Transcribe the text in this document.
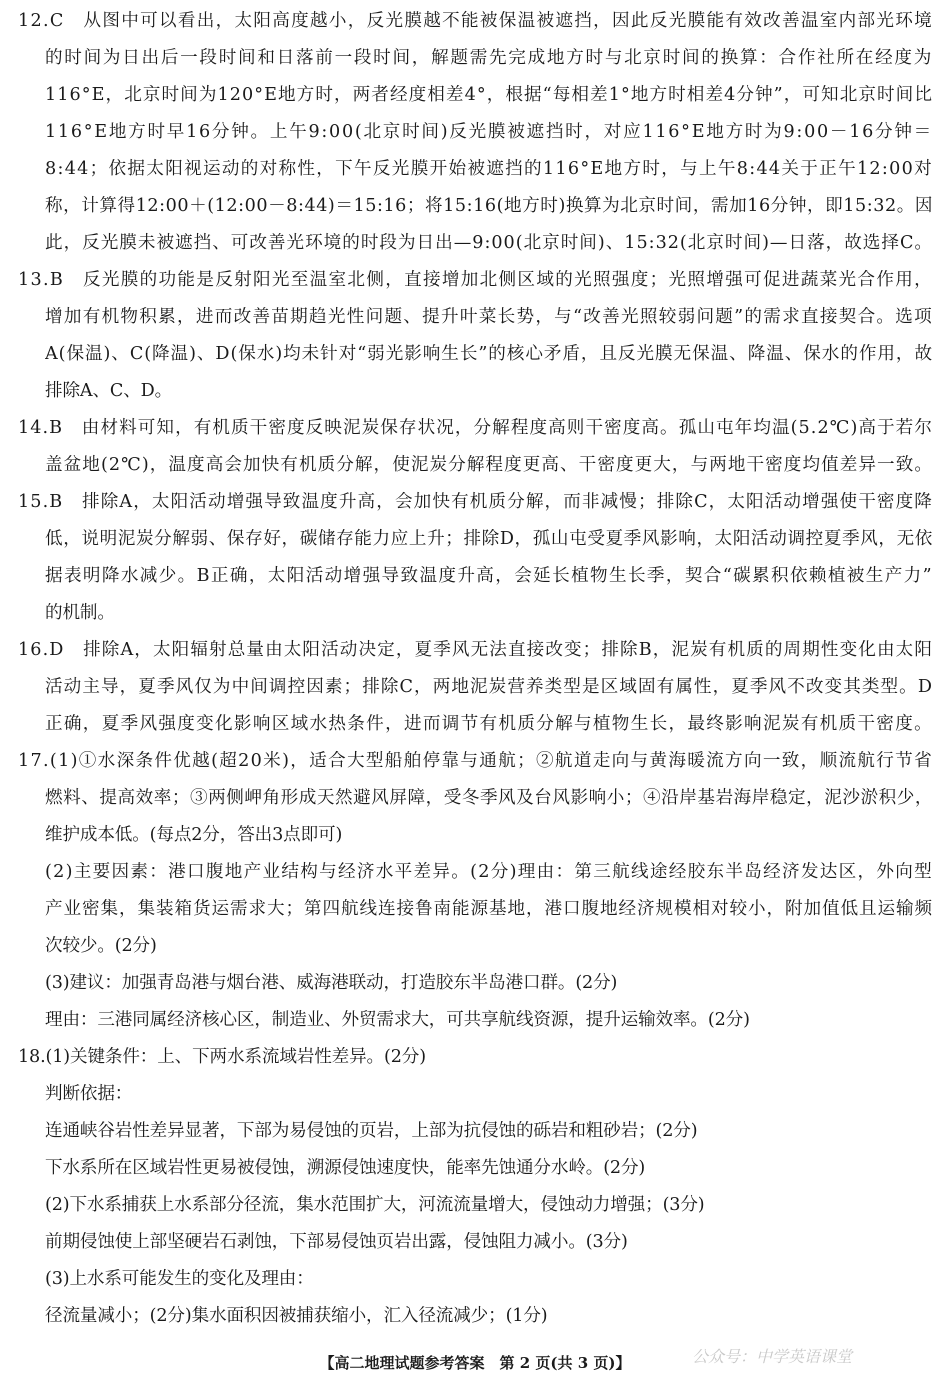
12.C　从图中可以看出，太阳高度越小，反光膜越不能被保温被遮挡，因此反光膜能有效改善温室内部光环境
的时间为日出后一段时间和日落前一段时间，解题需先完成地方时与北京时间的换算：合作社所在经度为
116°E，北京时间为120°E地方时，两者经度相差4°，根据“每相差1°地方时相差4分钟”，可知北京时间比
116°E地方时早16分钟。上午9:00(北京时间)反光膜被遮挡时，对应116°E地方时为9:00－16分钟＝
8:44；依据太阳视运动的对称性，下午反光膜开始被遮挡的116°E地方时，与上午8:44关于正午12:00对
称，计算得12:00＋(12:00－8:44)＝15:16；将15:16(地方时)换算为北京时间，需加16分钟，即15:32。因
此，反光膜未被遮挡、可改善光环境的时段为日出—9:00(北京时间)、15:32(北京时间)—日落，故选择C。
13.B　反光膜的功能是反射阳光至温室北侧，直接增加北侧区域的光照强度；光照增强可促进蔬菜光合作用，
增加有机物积累，进而改善苗期趋光性问题、提升叶菜长势，与“改善光照较弱问题”的需求直接契合。选项
A(保温)、C(降温)、D(保水)均未针对“弱光影响生长”的核心矛盾，且反光膜无保温、降温、保水的作用，故
排除A、C、D。
14.B　由材料可知，有机质干密度反映泥炭保存状况，分解程度高则干密度高。孤山屯年均温(5.2℃)高于若尔
盖盆地(2℃)，温度高会加快有机质分解，使泥炭分解程度更高、干密度更大，与两地干密度均值差异一致。
15.B　排除A，太阳活动增强导致温度升高，会加快有机质分解，而非减慢；排除C，太阳活动增强使干密度降
低，说明泥炭分解弱、保存好，碳储存能力应上升；排除D，孤山屯受夏季风影响，太阳活动调控夏季风，无依
据表明降水减少。B正确，太阳活动增强导致温度升高，会延长植物生长季，契合“碳累积依赖植被生产力”
的机制。
16.D　排除A，太阳辐射总量由太阳活动决定，夏季风无法直接改变；排除B，泥炭有机质的周期性变化由太阳
活动主导，夏季风仅为中间调控因素；排除C，两地泥炭营养类型是区域固有属性，夏季风不改变其类型。D
正确，夏季风强度变化影响区域水热条件，进而调节有机质分解与植物生长，最终影响泥炭有机质干密度。
17.(1)①水深条件优越(超20米)，适合大型船舶停靠与通航；②航道走向与黄海暖流方向一致，顺流航行节省
燃料、提高效率；③两侧岬角形成天然避风屏障，受冬季风及台风影响小；④沿岸基岩海岸稳定，泥沙淤积少，
维护成本低。(每点2分，答出3点即可)
(2)主要因素：港口腹地产业结构与经济水平差异。(2分)理由：第三航线途经胶东半岛经济发达区，外向型
产业密集，集装箱货运需求大；第四航线连接鲁南能源基地，港口腹地经济规模相对较小，附加值低且运输频
次较少。(2分)
(3)建议：加强青岛港与烟台港、威海港联动，打造胶东半岛港口群。(2分)
理由：三港同属经济核心区，制造业、外贸需求大，可共享航线资源，提升运输效率。(2分)
18.(1)关键条件：上、下两水系流域岩性差异。(2分)
判断依据：
连通峡谷岩性差异显著，下部为易侵蚀的页岩，上部为抗侵蚀的砾岩和粗砂岩；(2分)
下水系所在区域岩性更易被侵蚀，溯源侵蚀速度快，能率先蚀通分水岭。(2分)
(2)下水系捕获上水系部分径流，集水范围扩大，河流流量增大，侵蚀动力增强；(3分)
前期侵蚀使上部坚硬岩石剥蚀，下部易侵蚀页岩出露，侵蚀阻力减小。(3分)
(3)上水系可能发生的变化及理由：
径流量减小；(2分)集水面积因被捕获缩小，汇入径流减少；(1分)
【高二地理试题参考答案　第 2 页(共 3 页)】	公众号：中学英语课堂
